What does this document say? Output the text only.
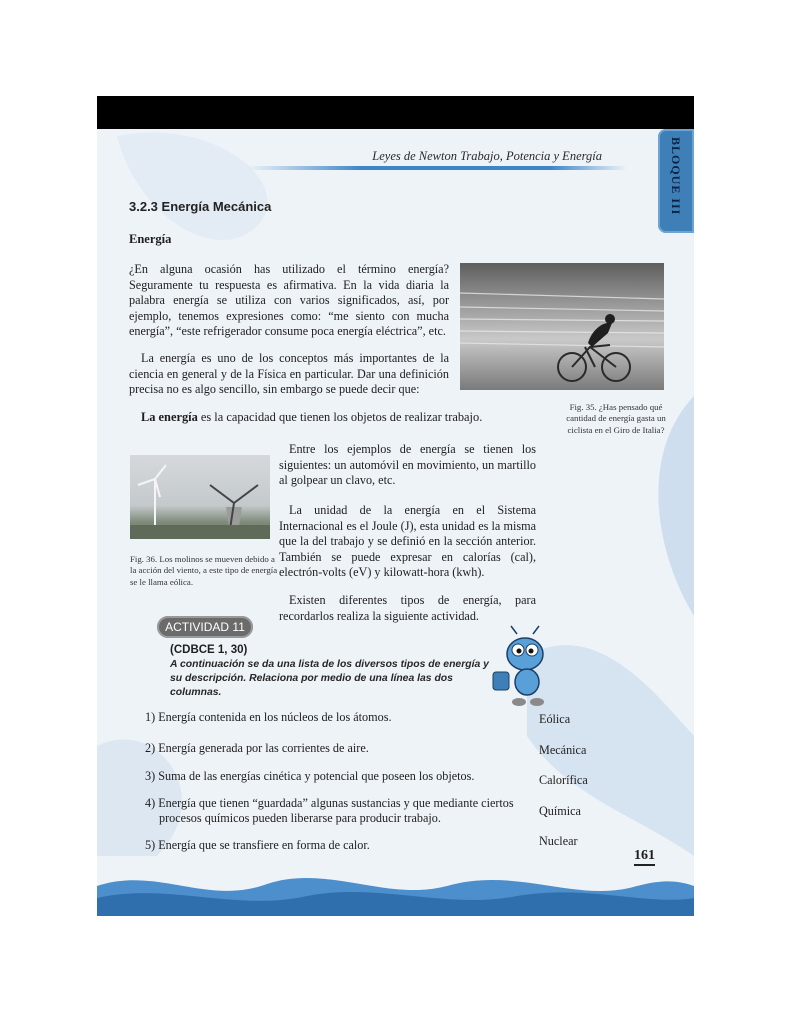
Leyes de Newton Trabajo, Potencia y Energía	BLOQUE III
3.2.3 Energía Mecánica
Energía
¿En alguna ocasión has utilizado el término energía? Seguramente tu respuesta es afirmativa. En la vida diaria la palabra energía se utiliza con varios significados, así, por ejemplo, tenemos expresiones como: “me siento con mucha energía”, “este refrigerador consume poca energía eléctrica”, etc.
La energía es uno de los conceptos más importantes de la ciencia en general y de la Física en particular. Dar una definición precisa no es algo sencillo, sin embargo se puede decir que:
La energía es la capacidad que tienen los objetos de realizar trabajo.
Fig. 35. ¿Has pensado qué cantidad de energía gasta un ciclista en el Giro de Italia?
Fig. 36. Los molinos se mueven debido a la acción del viento, a este tipo de energía se le llama eólica.
Entre los ejemplos de energía se tienen los siguientes: un automóvil en movimiento, un martillo al golpear un clavo, etc.
La unidad de la energía en el Sistema Internacional es el Joule (J), esta unidad es la misma que la del trabajo y se definió en la sección anterior. También se puede expresar en calorías (cal), electrón-volts (eV) y kilowatt-hora (kwh).
Existen diferentes tipos de energía, para recordarlos realiza la siguiente actividad.
ACTIVIDAD 11
(CDBCE 1, 30)
A continuación se da una lista de los diversos tipos de energía y su descripción. Relaciona por medio de una línea las dos columnas.
1) Energía contenida en los núcleos de los átomos.
2) Energía generada por las corrientes de aire.
3) Suma de las energías cinética y potencial que poseen los objetos.
4) Energía que tienen “guardada” algunas sustancias y que mediante ciertos procesos químicos pueden liberarse para producir trabajo.
5) Energía que se transfiere en forma de calor.
Eólica
Mecánica
Calorífica
Química
Nuclear
161
